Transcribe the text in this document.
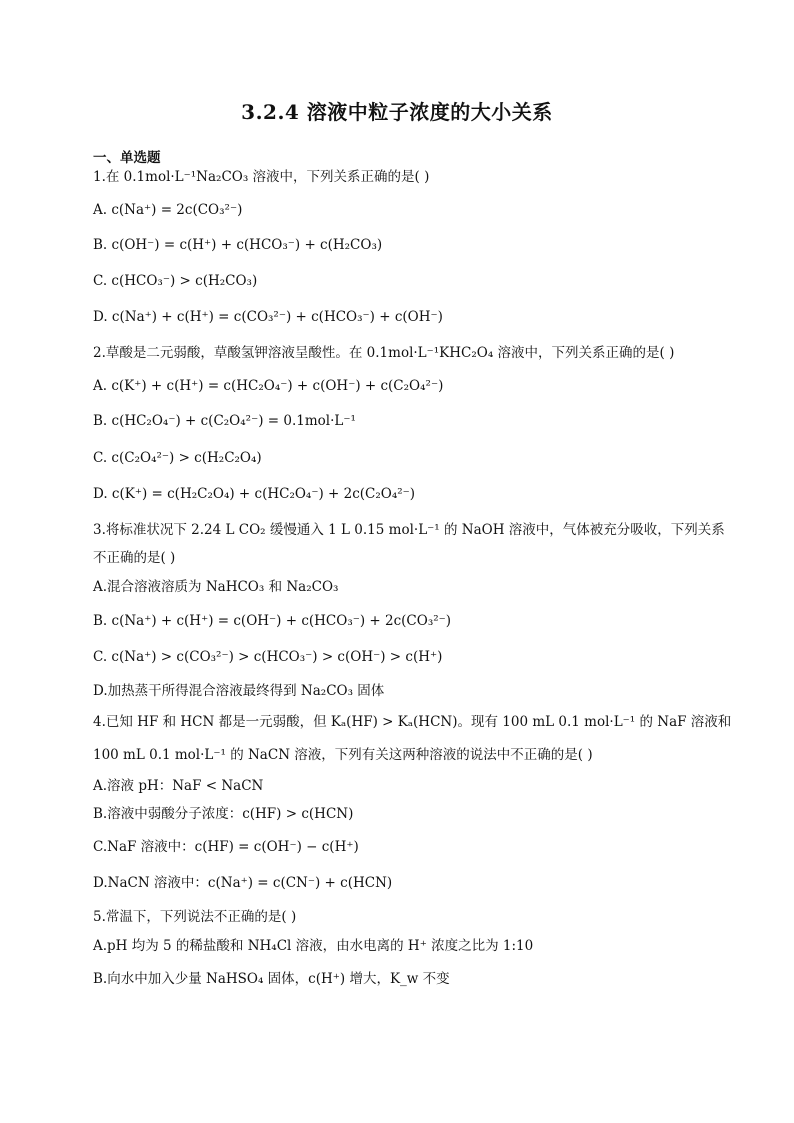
3.2.4 溶液中粒子浓度的大小关系
一、单选题
1.在 0.1mol·L⁻¹Na₂CO₃ 溶液中，下列关系正确的是( )
A. c(Na⁺) = 2c(CO₃²⁻)
B. c(OH⁻) = c(H⁺) + c(HCO₃⁻) + c(H₂CO₃)
C. c(HCO₃⁻) > c(H₂CO₃)
D. c(Na⁺) + c(H⁺) = c(CO₃²⁻) + c(HCO₃⁻) + c(OH⁻)
2.草酸是二元弱酸，草酸氢钾溶液呈酸性。在 0.1mol·L⁻¹KHC₂O₄ 溶液中，下列关系正确的是( )
A. c(K⁺) + c(H⁺) = c(HC₂O₄⁻) + c(OH⁻) + c(C₂O₄²⁻)
B. c(HC₂O₄⁻) + c(C₂O₄²⁻) = 0.1mol·L⁻¹
C. c(C₂O₄²⁻) > c(H₂C₂O₄)
D. c(K⁺) = c(H₂C₂O₄) + c(HC₂O₄⁻) + 2c(C₂O₄²⁻)
3.将标准状况下 2.24 L CO₂ 缓慢通入 1 L 0.15 mol·L⁻¹ 的 NaOH 溶液中，气体被充分吸收，下列关系
不正确的是( )
A.混合溶液溶质为 NaHCO₃ 和 Na₂CO₃
B. c(Na⁺) + c(H⁺) = c(OH⁻) + c(HCO₃⁻) + 2c(CO₃²⁻)
C. c(Na⁺) > c(CO₃²⁻) > c(HCO₃⁻) > c(OH⁻) > c(H⁺)
D.加热蒸干所得混合溶液最终得到 Na₂CO₃ 固体
4.已知 HF 和 HCN 都是一元弱酸，但 Kₐ(HF) > Kₐ(HCN)。现有 100 mL 0.1 mol·L⁻¹ 的 NaF 溶液和
100 mL 0.1 mol·L⁻¹ 的 NaCN 溶液，下列有关这两种溶液的说法中不正确的是( )
A.溶液 pH：NaF < NaCN
B.溶液中弱酸分子浓度：c(HF) > c(HCN)
C.NaF 溶液中：c(HF) = c(OH⁻) − c(H⁺)
D.NaCN 溶液中：c(Na⁺) = c(CN⁻) + c(HCN)
5.常温下，下列说法不正确的是( )
A.pH 均为 5 的稀盐酸和 NH₄Cl 溶液，由水电离的 H⁺ 浓度之比为 1:10
B.向水中加入少量 NaHSO₄ 固体，c(H⁺) 增大，K_w 不变
